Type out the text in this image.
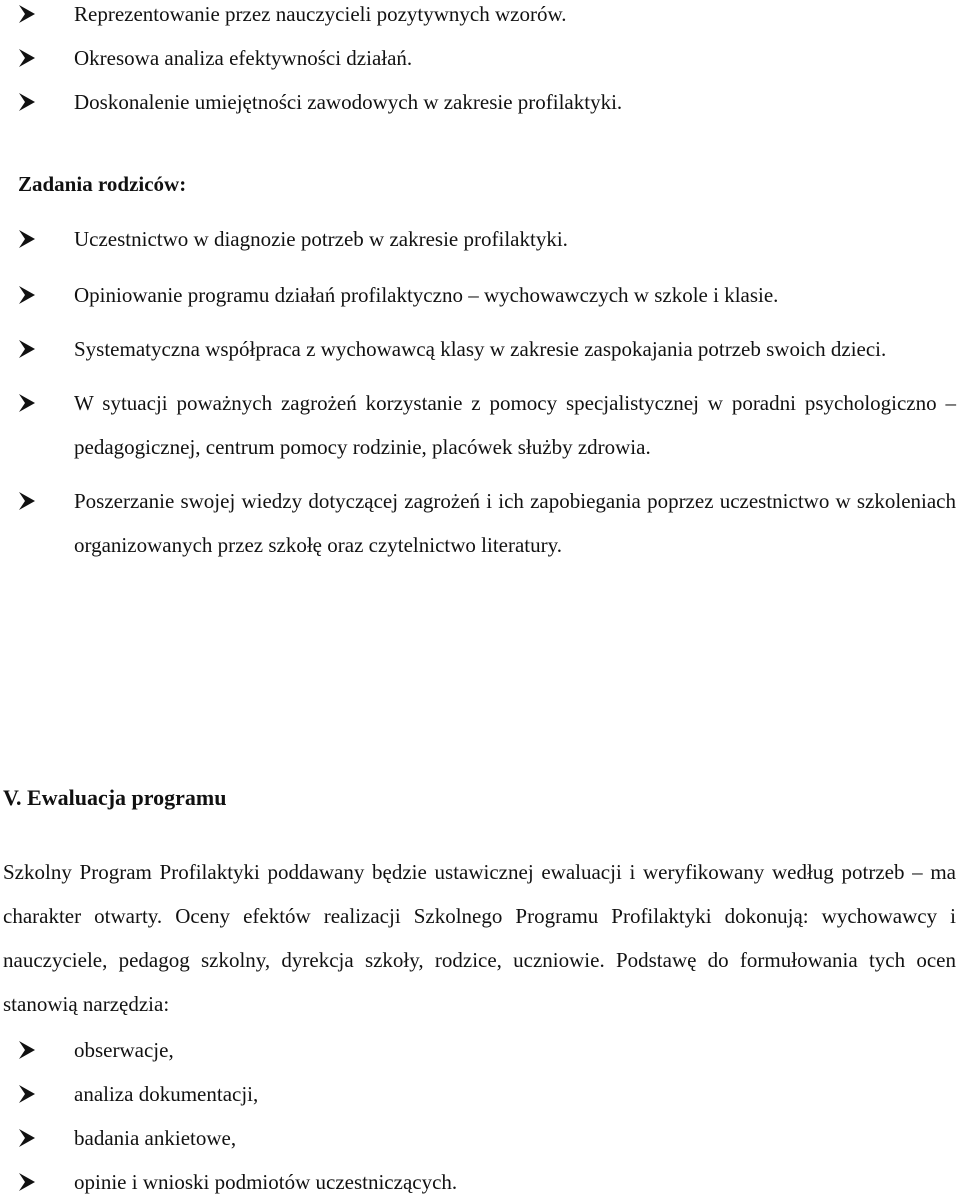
Reprezentowanie przez nauczycieli pozytywnych wzorów.
Okresowa analiza efektywności działań.
Doskonalenie umiejętności zawodowych w zakresie profilaktyki.
Zadania rodziców:
Uczestnictwo w diagnozie potrzeb w zakresie profilaktyki.
Opiniowanie programu działań profilaktyczno – wychowawczych w szkole i klasie.
Systematyczna współpraca z wychowawcą klasy w zakresie zaspokajania potrzeb swoich dzieci.
W sytuacji poważnych zagrożeń korzystanie z pomocy specjalistycznej w poradni psychologiczno – pedagogicznej, centrum pomocy rodzinie, placówek służby zdrowia.
Poszerzanie swojej wiedzy dotyczącej zagrożeń i ich zapobiegania poprzez uczestnictwo w szkoleniach organizowanych przez szkołę oraz czytelnictwo literatury.
V. Ewaluacja programu

Szkolny Program Profilaktyki poddawany będzie ustawicznej ewaluacji i weryfikowany według potrzeb – ma charakter otwarty. Oceny efektów realizacji Szkolnego Programu Profilaktyki dokonują: wychowawcy i nauczyciele, pedagog szkolny, dyrekcja szkoły, rodzice, uczniowie. Podstawę do formułowania tych ocen stanowią narzędzia:

obserwacje,
analiza dokumentacji,
badania ankietowe,
opinie i wnioski podmiotów uczestniczących.
